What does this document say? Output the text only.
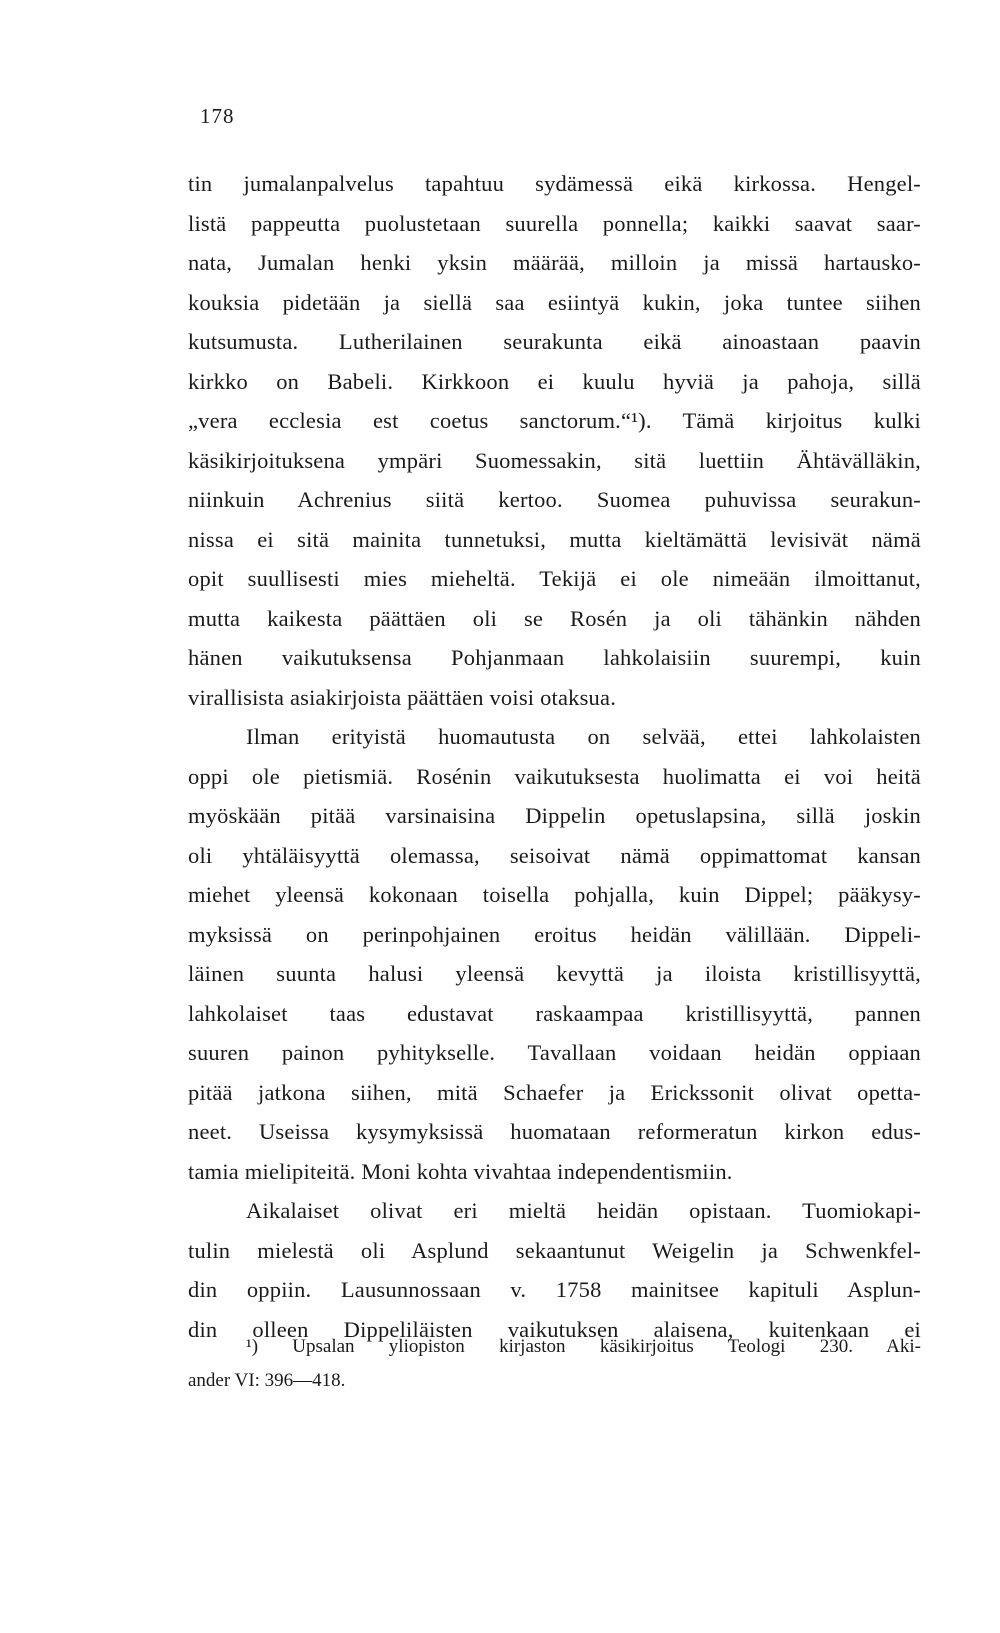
178
tin jumalanpalvelus tapahtuu sydämessä eikä kirkossa. Hengel-
listä pappeutta puolustetaan suurella ponnella; kaikki saavat saar-
nata, Jumalan henki yksin määrää, milloin ja missä hartausko-
kouksia pidetään ja siellä saa esiintyä kukin, joka tuntee siihen
kutsumusta. Lutherilainen seurakunta eikä ainoastaan paavin
kirkko on Babeli. Kirkkoon ei kuulu hyviä ja pahoja, sillä
„vera ecclesia est coetus sanctorum.“¹). Tämä kirjoitus kulki
käsikirjoituksena ympäri Suomessakin, sitä luettiin Ähtävälläkin,
niinkuin Achrenius siitä kertoo. Suomea puhuvissa seurakun-
nissa ei sitä mainita tunnetuksi, mutta kieltämättä levisivät nämä
opit suullisesti mies mieheltä. Tekijä ei ole nimeään ilmoittanut,
mutta kaikesta päättäen oli se Rosén ja oli tähänkin nähden
hänen vaikutuksensa Pohjanmaan lahkolaisiin suurempi, kuin
virallisista asiakirjoista päättäen voisi otaksua.
Ilman erityistä huomautusta on selvää, ettei lahkolaisten
oppi ole pietismiä. Rosénin vaikutuksesta huolimatta ei voi heitä
myöskään pitää varsinaisina Dippelin opetuslapsina, sillä joskin
oli yhtäläisyyttä olemassa, seisoivat nämä oppimattomat kansan
miehet yleensä kokonaan toisella pohjalla, kuin Dippel; pääkysy-
myksissä on perinpohjainen eroitus heidän välillään. Dippeli-
läinen suunta halusi yleensä kevyttä ja iloista kristillisyyttä,
lahkolaiset taas edustavat raskaampaa kristillisyyttä, pannen
suuren painon pyhitykselle. Tavallaan voidaan heidän oppiaan
pitää jatkona siihen, mitä Schaefer ja Erickssonit olivat opetta-
neet. Useissa kysymyksissä huomataan reformeratun kirkon edus-
tamia mielipiteitä. Moni kohta vivahtaa independentismiin.
Aikalaiset olivat eri mieltä heidän opistaan. Tuomiokapi-
tulin mielestä oli Asplund sekaantunut Weigelin ja Schwenkfel-
din oppiin. Lausunnossaan v. 1758 mainitsee kapituli Asplun-
din olleen Dippeliläisten vaikutuksen alaisena, kuitenkaan ei
¹) Upsalan yliopiston kirjaston käsikirjoitus Teologi 230. Aki-
ander VI: 396—418.
